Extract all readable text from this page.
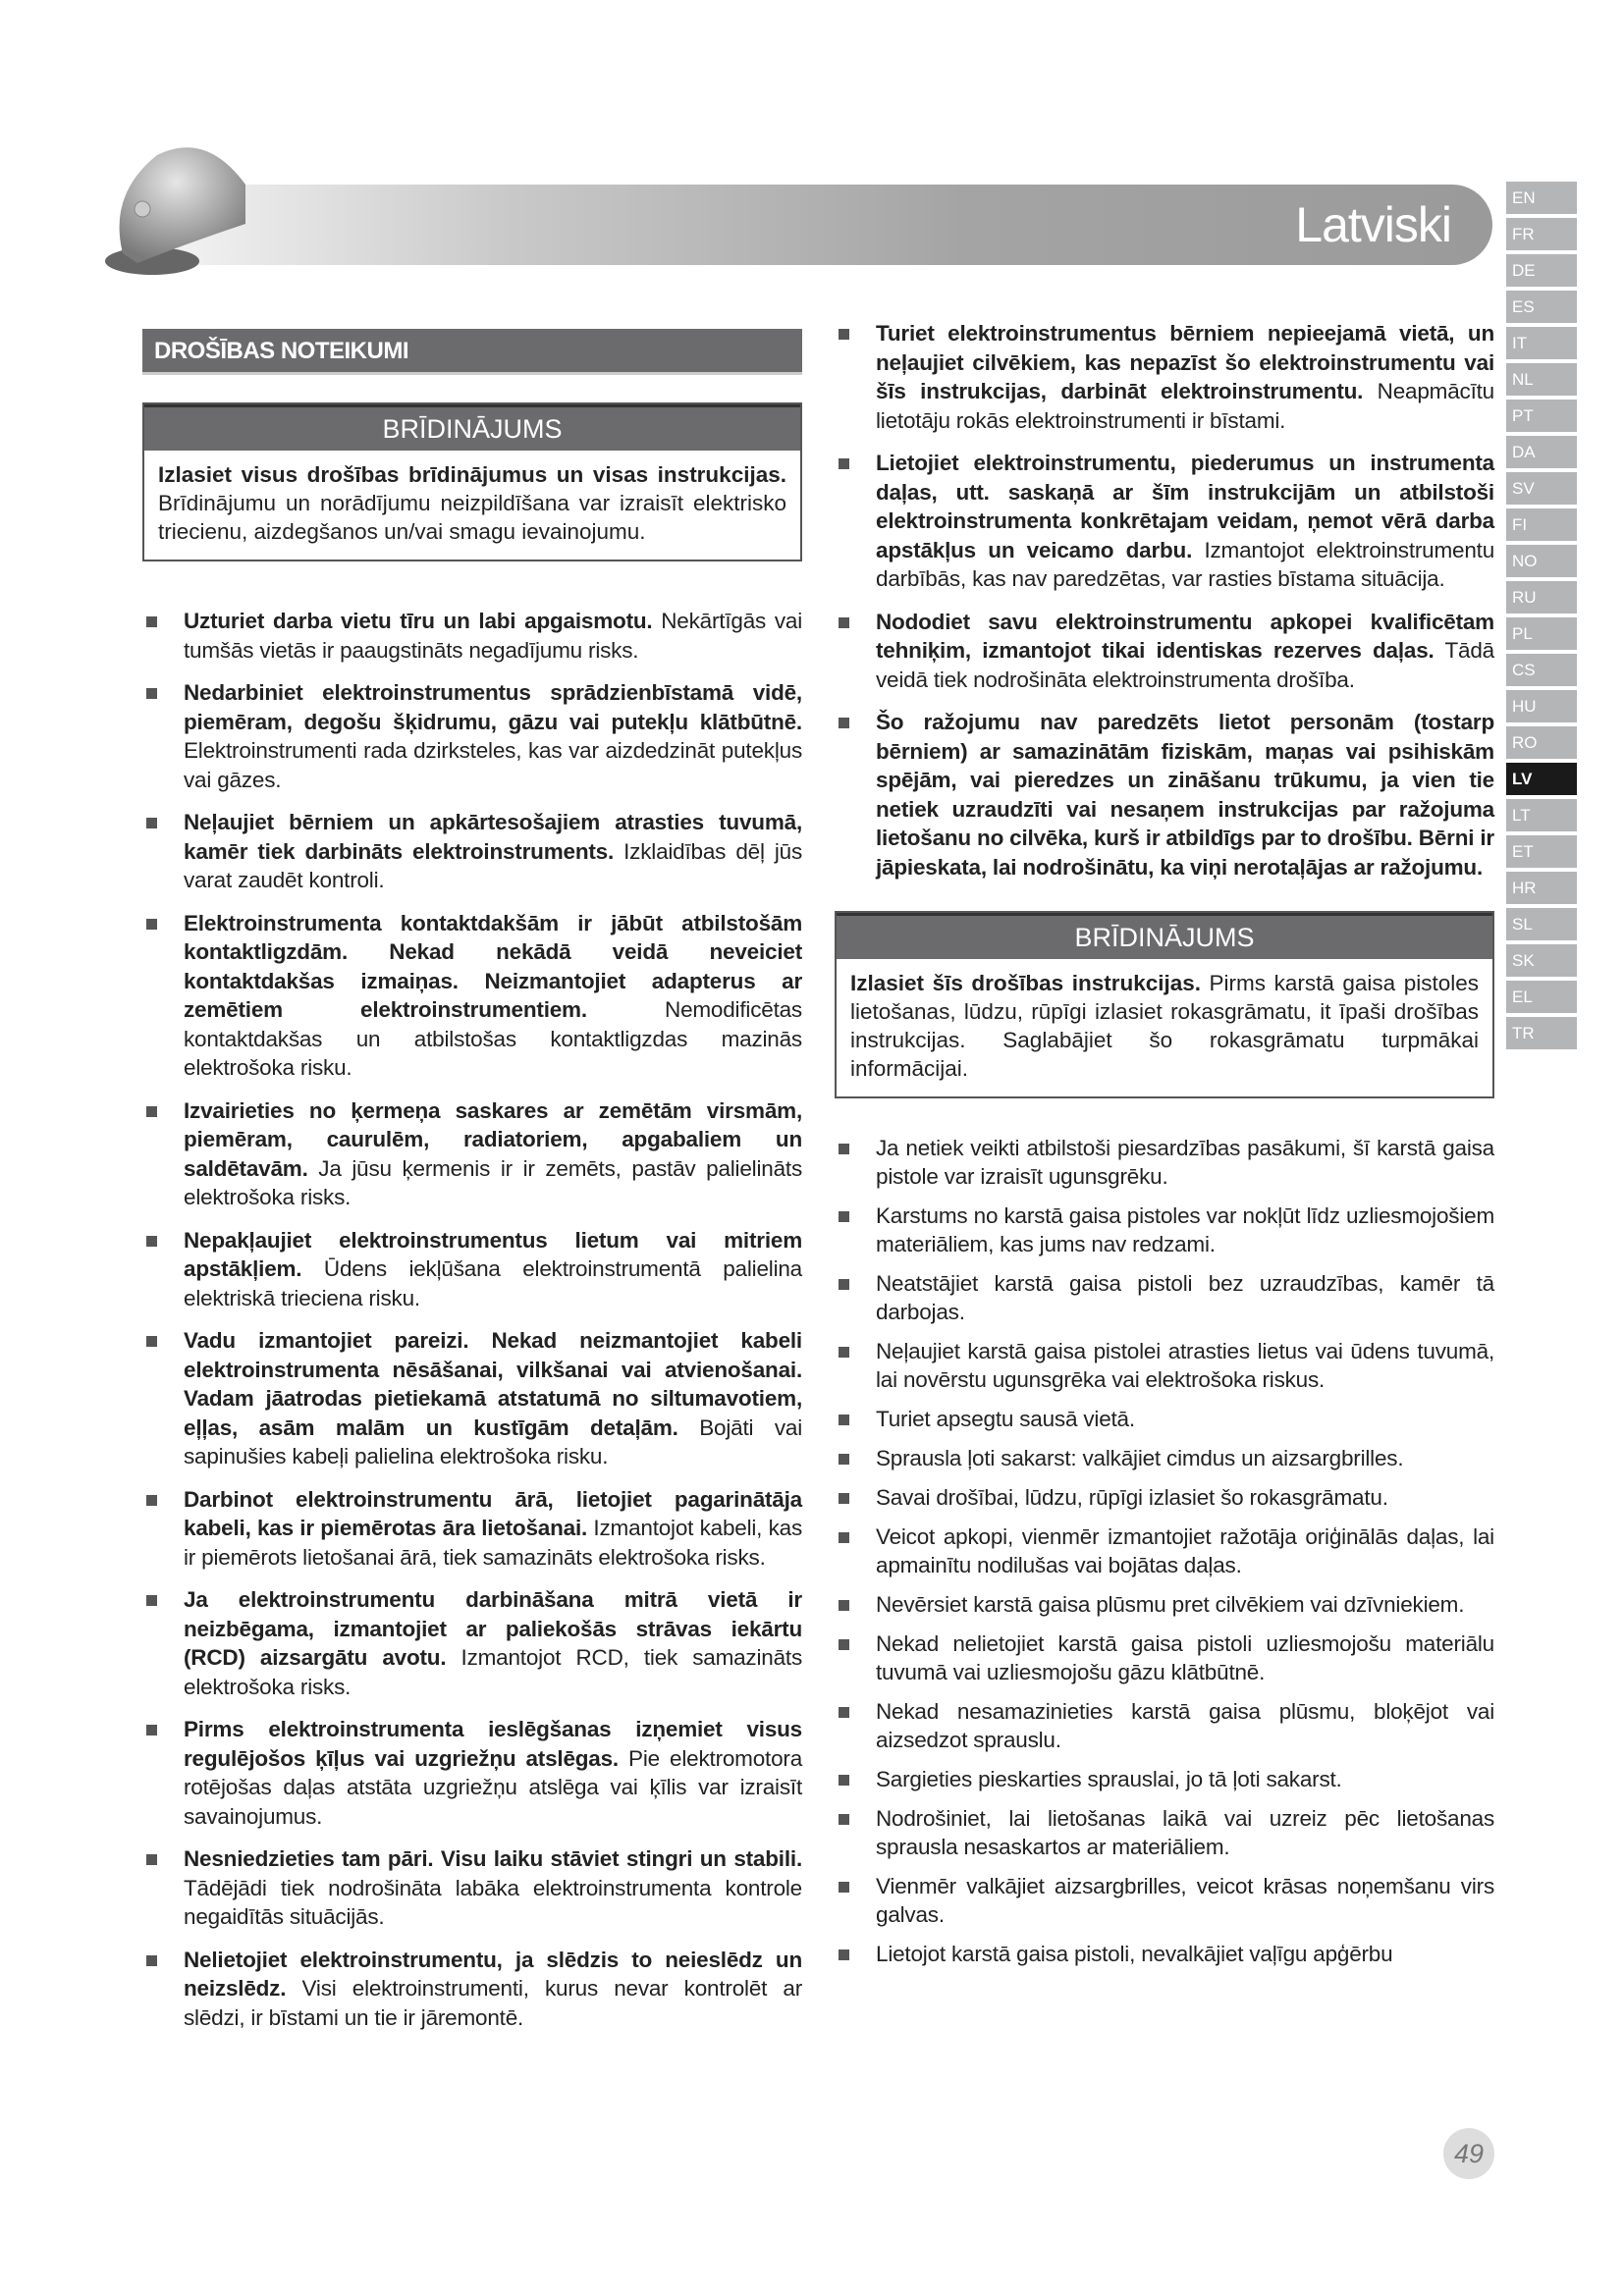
Latviski	EN
FR
DE
ES
IT
NL
PT
DA
SV
FI
NO
RU
PL
CS
HU
RO
LV
LT
ET
HR
SL
SK
EL
TR
DROŠĪBAS NOTEIKUMI
BRĪDINĀJUMS
Izlasiet visus drošības brīdinājumus un visas instrukcijas. Brīdinājumu un norādījumu neizpildīšana var izraisīt elektrisko triecienu, aizdegšanos un/vai smagu ievainojumu.
Uzturiet darba vietu tīru un labi apgaismotu. Nekārtīgās vai tumšās vietās ir paaugstināts negadījumu risks.
Nedarbiniet elektroinstrumentus sprādzienbīstamā vidē, piemēram, degošu šķidrumu, gāzu vai putekļu klātbūtnē. Elektroinstrumenti rada dzirksteles, kas var aizdedzināt putekļus vai gāzes.
Neļaujiet bērniem un apkārtesošajiem atrasties tuvumā, kamēr tiek darbināts elektroinstruments. Izklaidības dēļ jūs varat zaudēt kontroli.
Elektroinstrumenta kontaktdakšām ir jābūt atbilstošām kontaktligzdām. Nekad nekādā veidā neveiciet kontaktdakšas izmaiņas. Neizmantojiet adapterus ar zemētiem elektroinstrumentiem. Nemodificētas kontaktdakšas un atbilstošas kontaktligzdas mazinās elektrošoka risku.
Izvairieties no ķermeņa saskares ar zemētām virsmām, piemēram, caurulēm, radiatoriem, apgabaliem un saldētavām. Ja jūsu ķermenis ir ir zemēts, pastāv palielināts elektrošoka risks.
Nepakļaujiet elektroinstrumentus lietum vai mitriem apstākļiem. Ūdens iekļūšana elektroinstrumentā palielina elektriskā trieciena risku.
Vadu izmantojiet pareizi. Nekad neizmantojiet kabeli elektroinstrumenta nēsāšanai, vilkšanai vai atvienošanai. Vadam jāatrodas pietiekamā atstatumā no siltumavotiem, eļļas, asām malām un kustīgām detaļām. Bojāti vai sapinušies kabeļi palielina elektrošoka risku.
Darbinot elektroinstrumentu ārā, lietojiet pagarinātāja kabeli, kas ir piemērotas āra lietošanai. Izmantojot kabeli, kas ir piemērots lietošanai ārā, tiek samazināts elektrošoka risks.
Ja elektroinstrumentu darbināšana mitrā vietā ir neizbēgama, izmantojiet ar paliekošās strāvas iekārtu (RCD) aizsargātu avotu. Izmantojot RCD, tiek samazināts elektrošoka risks.
Pirms elektroinstrumenta ieslēgšanas izņemiet visus regulējošos ķīļus vai uzgriežņu atslēgas. Pie elektromotora rotējošas daļas atstāta uzgriežņu atslēga vai ķīlis var izraisīt savainojumus.
Nesniedzieties tam pāri. Visu laiku stāviet stingri un stabili. Tādējādi tiek nodrošināta labāka elektroinstrumenta kontrole negaidītās situācijās.
Nelietojiet elektroinstrumentu, ja slēdzis to neieslēdz un neizslēdz. Visi elektroinstrumenti, kurus nevar kontrolēt ar slēdzi, ir bīstami un tie ir jāremontē.
Turiet elektroinstrumentus bērniem nepieejamā vietā, un neļaujiet cilvēkiem, kas nepazīst šo elektroinstrumentu vai šīs instrukcijas, darbināt elektroinstrumentu. Neapmācītu lietotāju rokās elektroinstrumenti ir bīstami.
Lietojiet elektroinstrumentu, piederumus un instrumenta daļas, utt. saskaņā ar šīm instrukcijām un atbilstoši elektroinstrumenta konkrētajam veidam, ņemot vērā darba apstākļus un veicamo darbu. Izmantojot elektroinstrumentu darbībās, kas nav paredzētas, var rasties bīstama situācija.
Nododiet savu elektroinstrumentu apkopei kvalificētam tehniķim, izmantojot tikai identiskas rezerves daļas. Tādā veidā tiek nodrošināta elektroinstrumenta drošība.
Šo ražojumu nav paredzēts lietot personām (tostarp bērniem) ar samazinātām fiziskām, maņas vai psihiskām spējām, vai pieredzes un zināšanu trūkumu, ja vien tie netiek uzraudzīti vai nesaņem instrukcijas par ražojuma lietošanu no cilvēka, kurš ir atbildīgs par to drošību. Bērni ir jāpieskata, lai nodrošinātu, ka viņi nerotaļājas ar ražojumu.
BRĪDINĀJUMS
Izlasiet šīs drošības instrukcijas. Pirms karstā gaisa pistoles lietošanas, lūdzu, rūpīgi izlasiet rokasgrāmatu, it īpaši drošības instrukcijas. Saglabājiet šo rokasgrāmatu turpmākai informācijai.
Ja netiek veikti atbilstoši piesardzības pasākumi, šī karstā gaisa pistole var izraisīt ugunsgrēku.
Karstums no karstā gaisa pistoles var nokļūt līdz uzliesmojošiem materiāliem, kas jums nav redzami.
Neatstājiet karstā gaisa pistoli bez uzraudzības, kamēr tā darbojas.
Neļaujiet karstā gaisa pistolei atrasties lietus vai ūdens tuvumā, lai novērstu ugunsgrēka vai elektrošoka riskus.
Turiet apsegtu sausā vietā.
Sprausla ļoti sakarst: valkājiet cimdus un aizsargbrilles.
Savai drošībai, lūdzu, rūpīgi izlasiet šo rokasgrāmatu.
Veicot apkopi, vienmēr izmantojiet ražotāja oriģinālās daļas, lai apmainītu nodilušas vai bojātas daļas.
Nevērsiet karstā gaisa plūsmu pret cilvēkiem vai dzīvniekiem.
Nekad nelietojiet karstā gaisa pistoli uzliesmojošu materiālu tuvumā vai uzliesmojošu gāzu klātbūtnē.
Nekad nesamazinieties karstā gaisa plūsmu, bloķējot vai aizsedzot sprauslu.
Sargieties pieskarties sprauslai, jo tā ļoti sakarst.
Nodrošiniet, lai lietošanas laikā vai uzreiz pēc lietošanas sprausla nesaskartos ar materiāliem.
Vienmēr valkājiet aizsargbrilles, veicot krāsas noņemšanu virs galvas.
Lietojot karstā gaisa pistoli, nevalkājiet vaļīgu apģērbu
49
